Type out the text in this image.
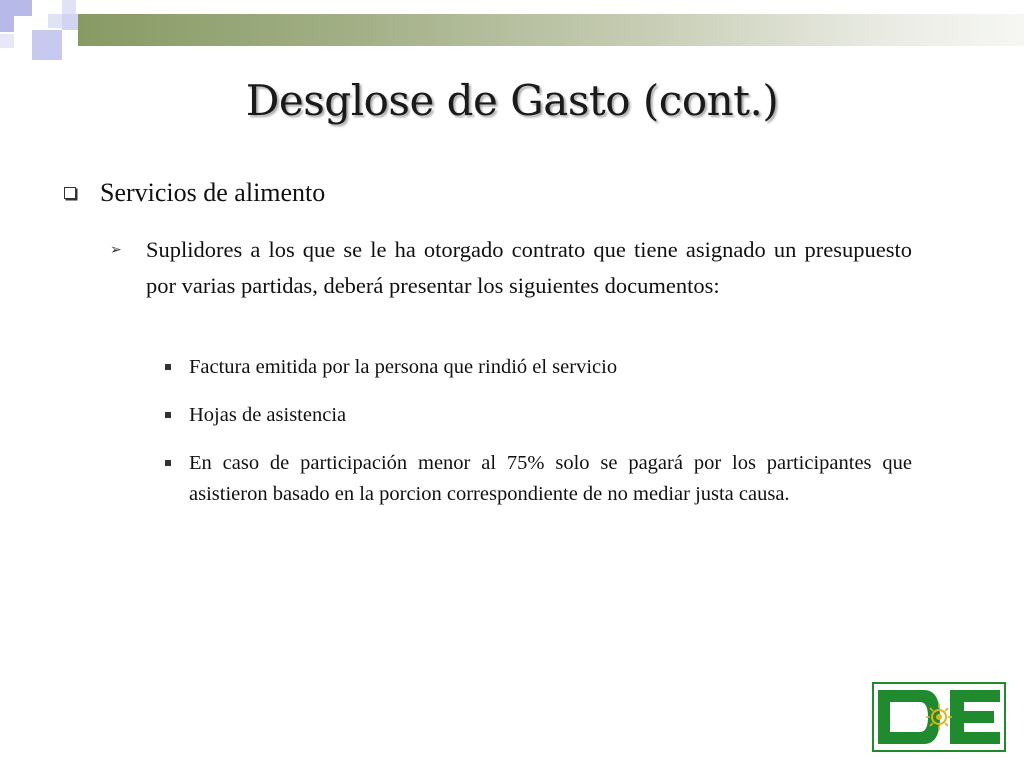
Desglose de Gasto (cont.)
Servicios de alimento
➢	Suplidores a los que se le ha otorgado contrato que tiene asignado un presupuesto por varias partidas, deberá presentar los siguientes documentos:
Factura emitida por la persona que rindió el servicio
Hojas de asistencia
En caso de participación menor al 75% solo se pagará por los participantes que asistieron basado en la porcion correspondiente de no mediar justa causa.
